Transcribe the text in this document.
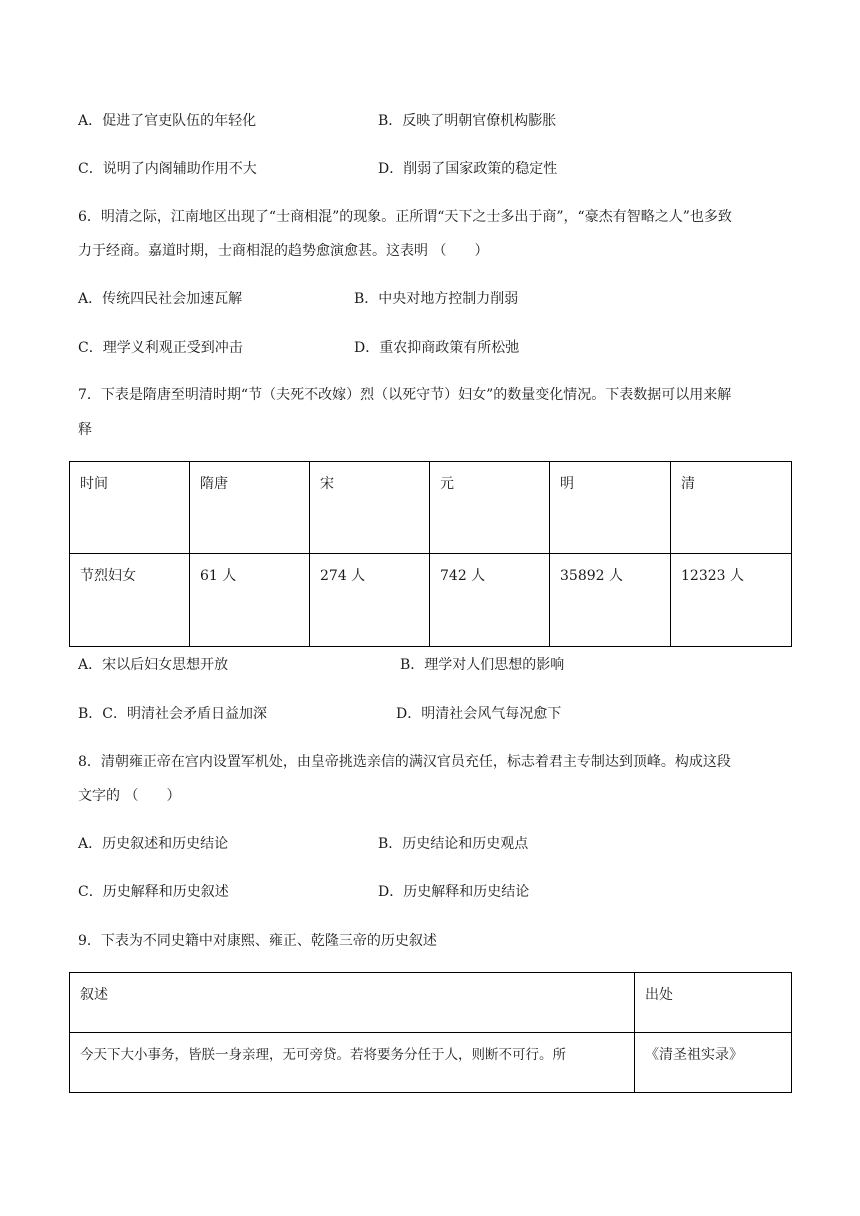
A．促进了官吏队伍的年轻化	B．反映了明朝官僚机构膨胀
C．说明了内阁辅助作用不大	D．削弱了国家政策的稳定性
6．明清之际，江南地区出现了“士商相混”的现象。正所谓“天下之士多出于商”，“豪杰有智略之人”也多致
力于经商。嘉道时期，士商相混的趋势愈演愈甚。这表明 （　　）
A．传统四民社会加速瓦解	B．中央对地方控制力削弱
C．理学义利观正受到冲击	D．重农抑商政策有所松弛
7．下表是隋唐至明清时期“节（夫死不改嫁）烈（以死守节）妇女”的数量变化情况。下表数据可以用来解
释
时间	隋唐	宋	元	明	清
节烈妇女	61 人	274 人	742 人	35892 人	12323 人
A．宋以后妇女思想开放	B．理学对人们思想的影响
B．C．明清社会矛盾日益加深	D．明清社会风气每况愈下
8．清朝雍正帝在宫内设置军机处，由皇帝挑选亲信的满汉官员充任，标志着君主专制达到顶峰。构成这段
文字的 （　　）
A．历史叙述和历史结论	B．历史结论和历史观点
C．历史解释和历史叙述	D．历史解释和历史结论
9．下表为不同史籍中对康熙、雍正、乾隆三帝的历史叙述
叙述	出处
今天下大小事务，皆朕一身亲理，无可旁贷。若将要务分任于人，则断不可行。所	《清圣祖实录》
